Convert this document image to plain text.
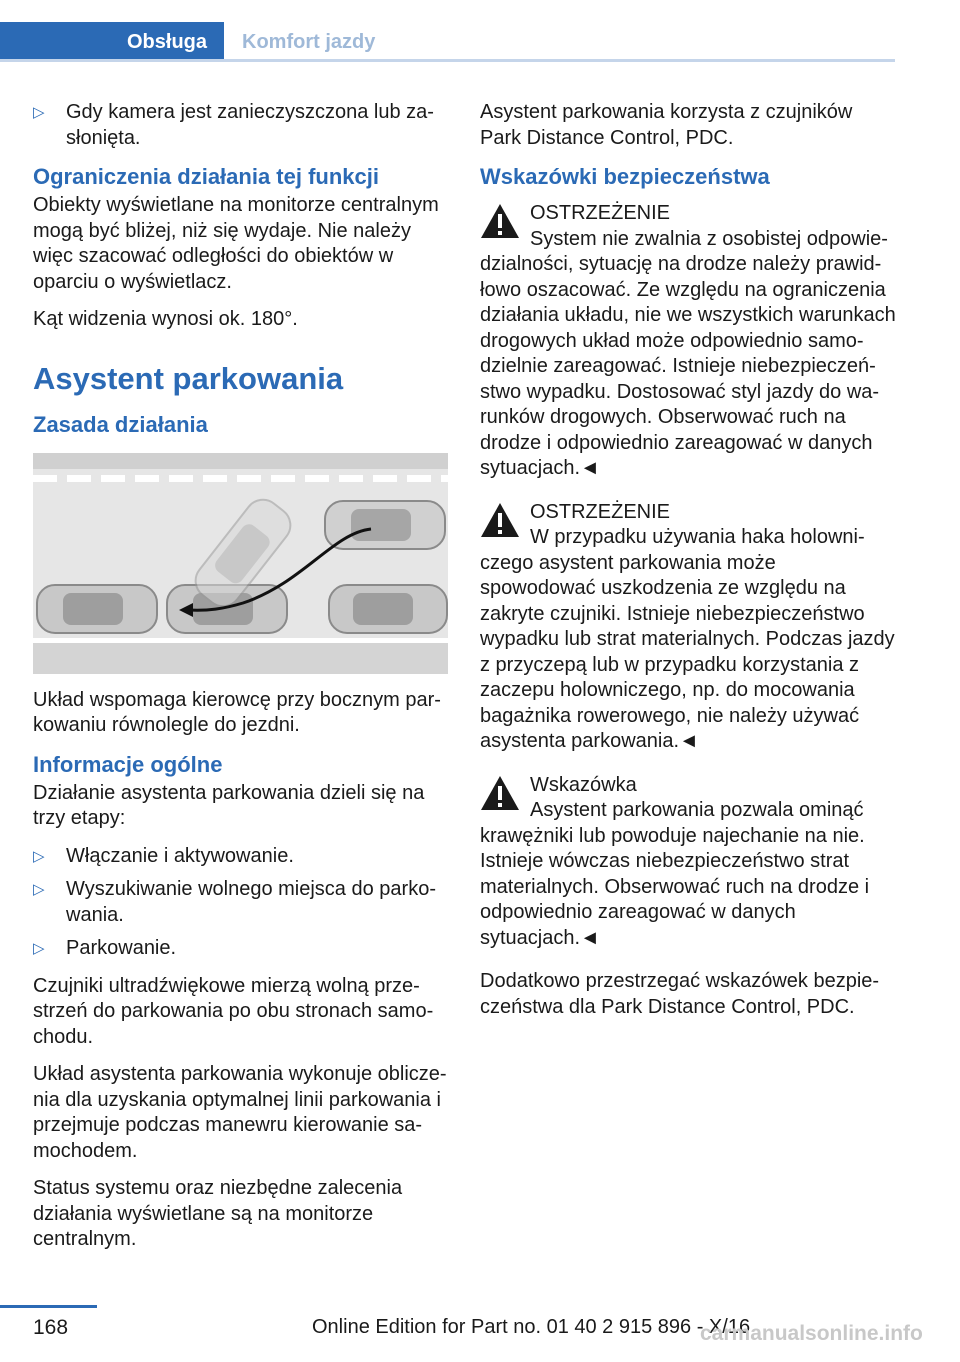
Obsługa	Komfort jazdy
▷ Gdy kamera jest zanieczyszczona lub zasłonięta.
Ograniczenia działania tej funkcji

Obiekty wyświetlane na monitorze centralnym mogą być bliżej, niż się wydaje. Nie należy więc szacować odległości do obiektów w oparciu o wyświetlacz.

Kąt widzenia wynosi ok. 180°.

Asystent parkowania
Zasada działania

Układ wspomaga kierowcę przy bocznym parkowaniu równolegle do jezdni.

Informacje ogólne

Działanie asystenta parkowania dzieli się na trzy etapy:

▷ Włączanie i aktywowanie.
▷ Wyszukiwanie wolnego miejsca do parkowania.
▷ Parkowanie.

Czujniki ultradźwiękowe mierzą wolną przestrzeń do parkowania po obu stronach samochodu.

Układ asystenta parkowania wykonuje obliczenia dla uzyskania optymalnej linii parkowania i przejmuje podczas manewru kierowanie samochodem.

Status systemu oraz niezbędne zalecenia działania wyświetlane są na monitorze centralnym.

Asystent parkowania korzysta z czujników Park Distance Control, PDC.

Wskazówki bezpieczeństwa
OSTRZEŻENIE

System nie zwalnia z osobistej odpowiedzialności, sytuację na drodze należy prawidłowo oszacować. Ze względu na ograniczenia działania układu, nie we wszystkich warunkach drogowych układ może odpowiednio samodzielnie zareagować. Istnieje niebezpieczeństwo wypadku. Dostosować styl jazdy do warunków drogowych. Obserwować ruch na drodze i odpowiednio zareagować w danych sytuacjach.◄

OSTRZEŻENIE

W przypadku używania haka holowniczego asystent parkowania może spowodować uszkodzenia ze względu na zakryte czujniki. Istnieje niebezpieczeństwo wypadku lub strat materialnych. Podczas jazdy z przyczepą lub w przypadku korzystania z zaczepu holowniczego, np. do mocowania bagażnika rowerowego, nie należy używać asystenta parkowania.◄

Wskazówka

Asystent parkowania pozwala ominąć krawężniki lub powoduje najechanie na nie. Istnieje wówczas niebezpieczeństwo strat materialnych. Obserwować ruch na drodze i odpowiednio zareagować w danych sytuacjach.◄

Dodatkowo przestrzegać wskazówek bezpieczeństwa dla Park Distance Control, PDC.

168	Online Edition for Part no. 01 40 2 915 896 - X/16
carmanualsonline.info
